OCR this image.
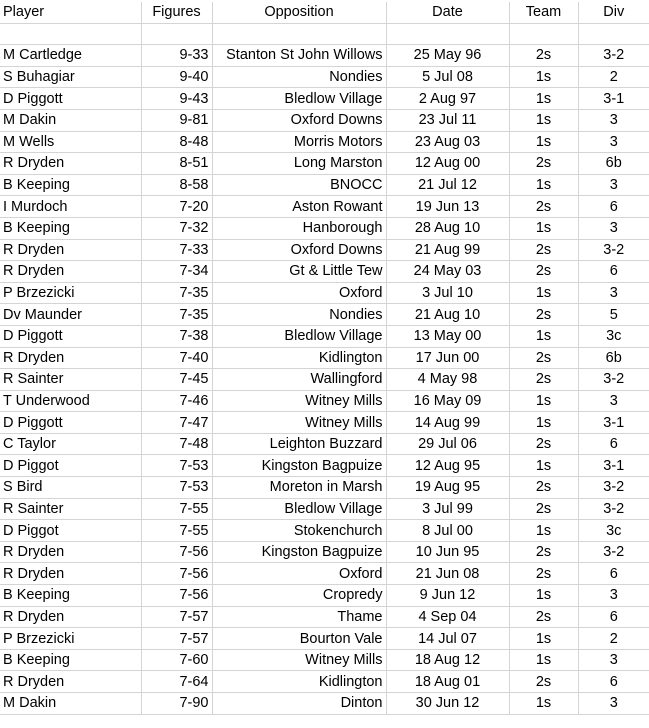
Player	Figures	Opposition	Date	Team	Div

M Cartledge	9-33	Stanton St John Willows	25 May 96	2s	3-2
S Buhagiar	9-40	Nondies	5 Jul 08	1s	2
D Piggott	9-43	Bledlow Village	2 Aug 97	1s	3-1
M Dakin	9-81	Oxford Downs	23 Jul 11	1s	3
M Wells	8-48	Morris Motors	23 Aug 03	1s	3
R Dryden	8-51	Long Marston	12 Aug 00	2s	6b
B Keeping	8-58	BNOCC	21 Jul 12	1s	3
I Murdoch	7-20	Aston Rowant	19 Jun 13	2s	6
B Keeping	7-32	Hanborough	28 Aug 10	1s	3
R Dryden	7-33	Oxford Downs	21 Aug 99	2s	3-2
R Dryden	7-34	Gt & Little Tew	24 May 03	2s	6
P Brzezicki	7-35	Oxford	3 Jul 10	1s	3
Dv Maunder	7-35	Nondies	21 Aug 10	2s	5
D Piggott	7-38	Bledlow Village	13 May 00	1s	3c
R Dryden	7-40	Kidlington	17 Jun 00	2s	6b
R Sainter	7-45	Wallingford	4 May 98	2s	3-2
T Underwood	7-46	Witney Mills	16 May 09	1s	3
D Piggott	7-47	Witney Mills	14 Aug 99	1s	3-1
C Taylor	7-48	Leighton Buzzard	29 Jul 06	2s	6
D Piggot	7-53	Kingston Bagpuize	12 Aug 95	1s	3-1
S Bird	7-53	Moreton in Marsh	19 Aug 95	2s	3-2
R Sainter	7-55	Bledlow Village	3 Jul 99	2s	3-2
D Piggot	7-55	Stokenchurch	8 Jul 00	1s	3c
R Dryden	7-56	Kingston Bagpuize	10 Jun 95	2s	3-2
R Dryden	7-56	Oxford	21 Jun 08	2s	6
B Keeping	7-56	Cropredy	9 Jun 12	1s	3
R Dryden	7-57	Thame	4 Sep 04	2s	6
P Brzezicki	7-57	Bourton Vale	14 Jul 07	1s	2
B Keeping	7-60	Witney Mills	18 Aug 12	1s	3
R Dryden	7-64	Kidlington	18 Aug 01	2s	6
M Dakin	7-90	Dinton	30 Jun 12	1s	3
